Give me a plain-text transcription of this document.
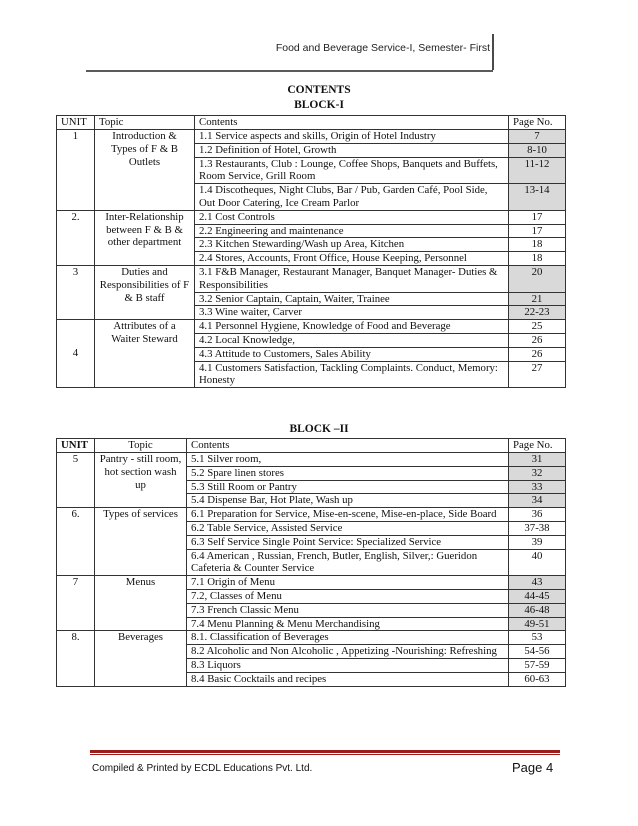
Food and Beverage Service-I, Semester- First
CONTENTS
BLOCK-I
UNIT	Topic	Contents	Page No.
1	Introduction & Types of F & B Outlets	1.1 Service aspects and skills, Origin of Hotel Industry	7
		1.2 Definition of Hotel, Growth	8-10
		1.3 Restaurants, Club : Lounge, Coffee Shops, Banquets and Buffets, Room Service, Grill Room	11-12
		1.4 Discotheques, Night Clubs, Bar / Pub, Garden Café, Pool Side, Out Door Catering, Ice Cream Parlor	13-14
2.	Inter-Relationship between F & B & other department	2.1 Cost Controls	17
		2.2 Engineering and maintenance	17
		2.3 Kitchen Stewarding/Wash up Area, Kitchen	18
		2.4 Stores, Accounts, Front Office, House Keeping, Personnel	18
3	Duties and Responsibilities of F & B staff	3.1 F&B Manager, Restaurant Manager, Banquet Manager- Duties & Responsibilities	20
		3.2 Senior Captain, Captain, Waiter, Trainee	21
		3.3 Wine waiter, Carver	22-23
4	Attributes of a Waiter Steward	4.1 Personnel Hygiene, Knowledge of Food and Beverage	25
		4.2 Local Knowledge,	26
		4.3 Attitude to Customers, Sales Ability	26
		4.1 Customers Satisfaction, Tackling Complaints. Conduct, Memory: Honesty	27
BLOCK –II
UNIT	Topic	Contents	Page No.
5	Pantry - still room, hot section wash up	5.1 Silver room,	31
		5.2 Spare linen stores	32
		5.3 Still Room or Pantry	33
		5.4 Dispense Bar, Hot Plate, Wash up	34
6.	Types of services	6.1 Preparation for Service, Mise-en-scene, Mise-en-place, Side Board	36
		6.2 Table Service, Assisted Service	37-38
		6.3 Self Service Single Point Service: Specialized Service	39
		6.4 American , Russian, French, Butler, English, Silver,: Gueridon Cafeteria & Counter Service	40
7	Menus	7.1 Origin of Menu	43
		7.2, Classes of Menu	44-45
		7.3 French Classic Menu	46-48
		7.4 Menu Planning & Menu Merchandising	49-51
8.	Beverages	8.1. Classification of Beverages	53
		8.2 Alcoholic and Non Alcoholic , Appetizing -Nourishing: Refreshing	54-56
		8.3 Liquors	57-59
		8.4 Basic Cocktails and recipes	60-63
Compiled & Printed by ECDL Educations Pvt. Ltd.	Page 4
